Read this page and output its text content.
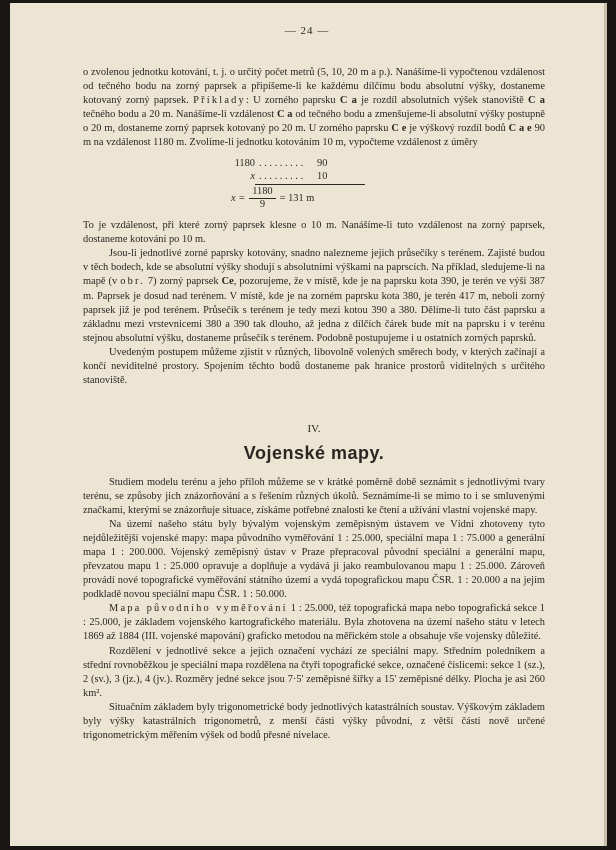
— 24 —

o zvolenou jednotku kotování, t. j. o určitý počet metrů (5, 10, 20 m a p.). Nanášíme-li vypočtenou vzdálenost od tečného bodu na zorný paprsek a připíšeme-li ke každému dílčímu bodu absolutní výšky, dostaneme kotovaný zorný paprsek. Příklady: U zorného paprsku C a je rozdíl absolutních výšek stanoviště C a tečného bodu a 20 m. Nanášíme-li vzdálenost C a od tečného bodu a zmenšujeme-li absolutní výšky postupně o 20 m, dostaneme zorný paprsek kotovaný po 20 m. U zorného paprsku C e je výškový rozdíl bodů C a e 90 m na vzdálenost 1180 m. Zvolíme-li jednotku kotováním 10 m, vypočteme vzdálenost z úměry

1180 . . . . . . . . .	90
x . . . . . . . . .	10
$x = \frac{1180}{9} = 131$ m

To je vzdálenost, při které zorný paprsek klesne o 10 m. Nanášíme-li tuto vzdálenost na zorný paprsek, dostaneme kotování po 10 m.

Jsou-li jednotlivé zorné paprsky kotovány, snadno nalezneme jejich průsečíky s terénem. Zajisté budou v těch bodech, kde se absolutní výšky shodují s absolutními výškami na paprscích. Na příklad, sledujeme-li na mapě (v obr. 7) zorný paprsek Ce, pozorujeme, že v místě, kde je na paprsku kota 390, je terén ve výši 387 m. Paprsek je dosud nad terénem. V místě, kde je na zorném paprsku kota 380, je terén 417 m, neboli zorný paprsek již je pod terénem. Průsečík s terénem je tedy mezi kotou 390 a 380. Dělíme-li tuto část paprsku a základnu mezi vrstevnicemi 380 a 390 tak dlouho, až jedna z dílčích čárek bude mít na paprsku i v terénu stejnou absolutní výšku, dostaneme průsečík s terénem. Podobně postupujeme i u ostatních zorných paprsků.

Uvedeným postupem můžeme zjistit v různých, libovolně volených směrech body, v kterých začínají a končí neviditelné prostory. Spojením těchto bodů dostaneme pak hranice prostorů viditelných s určitého stanoviště.

IV.
Vojenské mapy.

Studiem modelu terénu a jeho příloh můžeme se v krátké poměrně době seznámit s jednotlivými tvary terénu, se způsoby jich znázorňování a s řešením různých úkolů. Seznámíme-li se mimo to i se smluvenými značkami, kterými se znázorňuje situace, získáme potřebné znalosti ke čtení a užívání vlastní vojenské mapy.

Na území našeho státu byly bývalým vojenským zeměpisným ústavem ve Vídni zhotoveny tyto nejdůležitější vojenské mapy: mapa původního vyměřování 1 : 25.000, speciální mapa 1 : 75.000 a generální mapa 1 : 200.000. Vojenský zeměpisný ústav v Praze přepracoval původní speciální a generální mapu, převzatou mapu 1 : 25.000 opravuje a doplňuje a vydává ji jako reambulovanou mapu 1 : 25.000. Zároveň provádí nové topografické vyměřování státního území a vydá topografickou mapu ČSR. 1 : 20.000 a na jejím podkladě novou speciální mapu ČSR. 1 : 50.000.

Mapa původního vyměřování 1 : 25.000, též topografická mapa nebo topografická sekce 1 : 25.000, je základem vojenského kartografického materiálu. Byla zhotovena na území našeho státu v letech 1869 až 1884 (III. vojenské mapování) graficko metodou na měřickém stole a obsahuje vše vojensky důležité.

Rozdělení v jednotlivé sekce a jejich označení vychází ze speciální mapy. Středním poledníkem a střední rovnoběžkou je speciální mapa rozdělena na čtyři topografické sekce, označené číslicemi: sekce 1 (sz.), 2 (sv.), 3 (jz.), 4 (jv.). Rozměry jedné sekce jsou 7·5' zeměpisné šířky a 15' zeměpisné délky. Plocha je asi 260 km².

Situačním základem byly trigonometrické body jednotlivých katastrálních soustav. Výškovým základem byly výšky katastrálních trigonometrů, z menší části výšky původní, z větší části nově určené trigonometrickým měřením výšek od bodů přesné nivelace.
